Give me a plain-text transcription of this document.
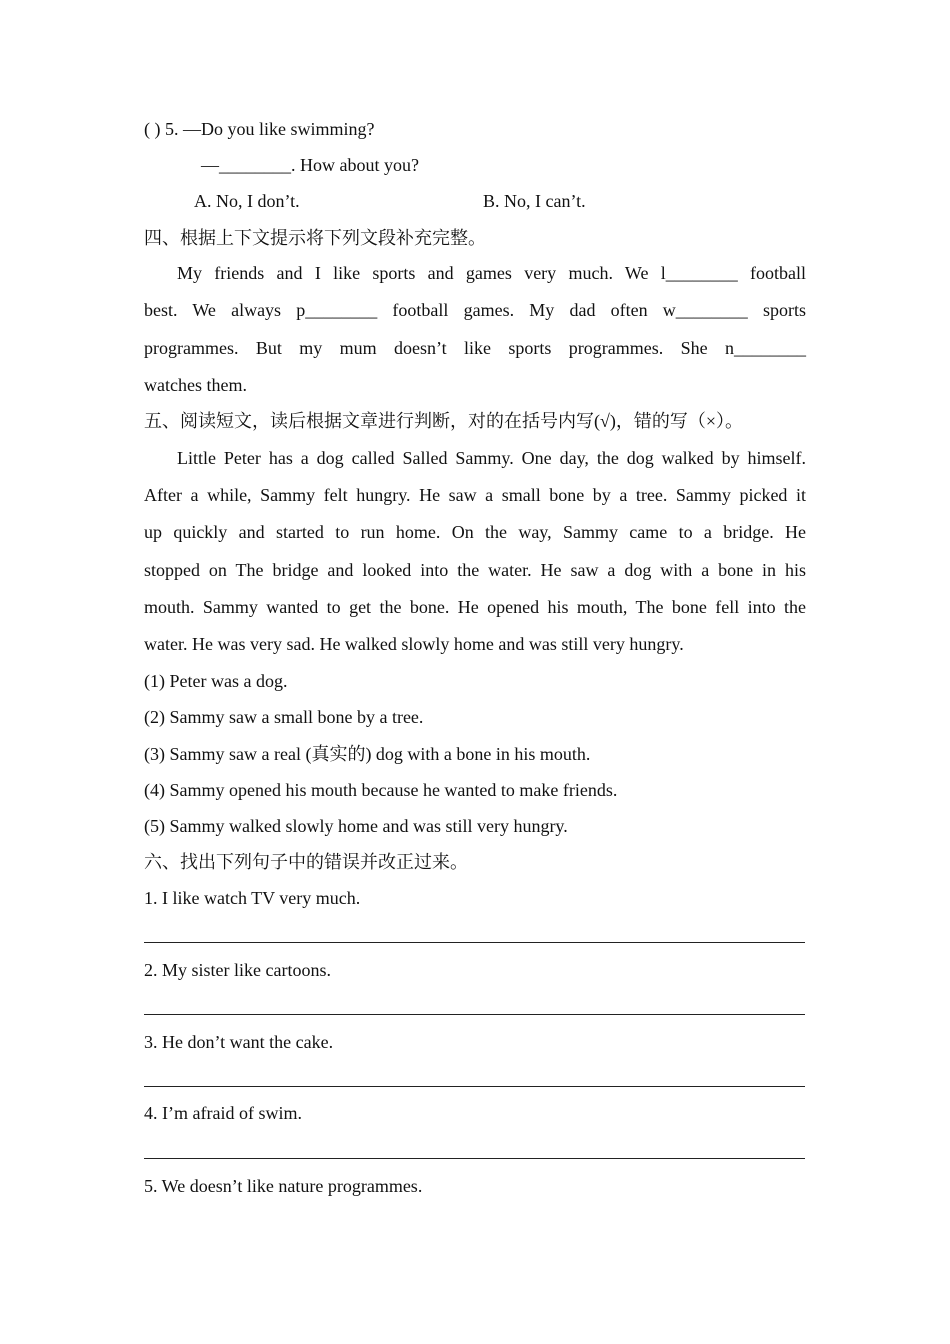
( ) 5. —Do you like swimming?
—________. How about you?
A. No, I don’t.	B. No, I can’t.
四、根据上下文提示将下列文段补充完整。
My friends and I like sports and games very much. We l________ football
best. We always p________ football games. My dad often w________ sports
programmes. But my mum doesn’t like sports programmes. She n________
watches them.
五、阅读短文，读后根据文章进行判断，对的在括号内写(√)，错的写（×）。
Little Peter has a dog called Salled Sammy. One day, the dog walked by himself.
After a while, Sammy felt hungry. He saw a small bone by a tree. Sammy picked it
up quickly and started to run home. On the way, Sammy came to a bridge. He
stopped on The bridge and looked into the water. He saw a dog with a bone in his
mouth. Sammy wanted to get the bone. He opened his mouth, The bone fell into the
water. He was very sad. He walked slowly home and was still very hungry.
(1) Peter was a dog.
(2) Sammy saw a small bone by a tree.
(3) Sammy saw a real (真实的) dog with a bone in his mouth.
(4) Sammy opened his mouth because he wanted to make friends.
(5) Sammy walked slowly home and was still very hungry.
六、找出下列句子中的错误并改正过来。
1. I like watch TV very much.
2. My sister like cartoons.
3. He don’t want the cake.
4. I’m afraid of swim.
5. We doesn’t like nature programmes.
